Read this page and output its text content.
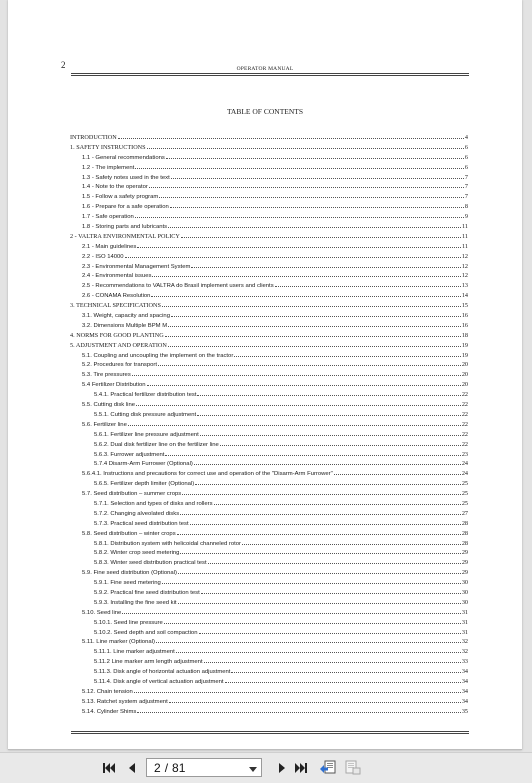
2	OPERATOR MANUAL
TABLE OF CONTENTS
INTRODUCTION	4
1. SAFETY INSTRUCTIONS	6
1.1 - General recommendations	6
1.2 - The implement	6
1.3 - Safety notes used in the text	7
1.4 - Note to the operator	7
1.5 - Follow a safety program	7
1.6 - Prepare for a safe operation	8
1.7 - Safe operation	9
1.8 - Storing parts and lubricants	11
2 - VALTRA ENVIRONMENTAL POLICY	11
2.1 - Main guidelines	11
2.2 - ISO 14000	12
2.3 - Environmental Management System	12
2.4 - Environmental issues	12
2.5 - Recommendations to VALTRA do Brasil implement users and clients	13
2.6 - CONAMA Resolution	14
3. TECHNICAL SPECIFICATIONS	15
3.1. Weight, capacity and spacing	16
3.2. Dimensions Multiple BPM M	16
4. NORMS FOR GOOD PLANTING	18
5. ADJUSTMENT AND OPERATION	19
5.1. Coupling and uncoupling the implement on the tractor	19
5.2. Procedures for transport	20
5.3. Tire pressures	20
5.4 Fertilizer Distribution	20
5.4.1. Practical fertilizer distribution test	22
5.5. Cutting disk line	22
5.5.1. Cutting disk pressure adjustment	22
5.6. Fertilizer line	22
5.6.1. Fertilizer line pressure adjustment	22
5.6.2. Dual disk fertilizer line on the fertilizer line	22
5.6.3. Furrower adjustment	23
5.7.4 Disarm-Arm Furrower (Optional)	24
5.6.4.1. Instructions and precautions for correct use and operation of the "Disarm-Arm Furrower"	24
5.6.5. Fertilizer depth limiter (Optional)	25
5.7. Seed distribution – summer crops	25
5.7.1. Selection and types of disks and rollers	25
5.7.2. Changing alveolated disks	27
5.7.3. Practical seed distribution test	28
5.8. Seed distribution – winter crops	28
5.8.1. Distribution system with helicoidal channeled rotor	28
5.8.2. Winter crop seed metering	29
5.8.3. Winter seed distribution practical test	29
5.9. Fine seed distribution (Optional)	29
5.9.1. Fine seed metering	30
5.9.2. Practical fine seed distribution test	30
5.9.3. Installing the fine seed kit	30
5.10. Seed line	31
5.10.1. Seed line pressure	31
5.10.2. Seed depth and soil compaction	31
5.11. Line marker (Optional)	32
5.11.1. Line marker adjustment	32
5.11.2 Line marker arm length adjustment	33
5.11.3. Disk angle of horizontal actuation adjustment	34
5.11.4. Disk angle of vertical actuation adjustment	34
5.12. Chain tension	34
5.13. Ratchet system adjustment	34
5.14. Cylinder Shims	35
2 / 81
